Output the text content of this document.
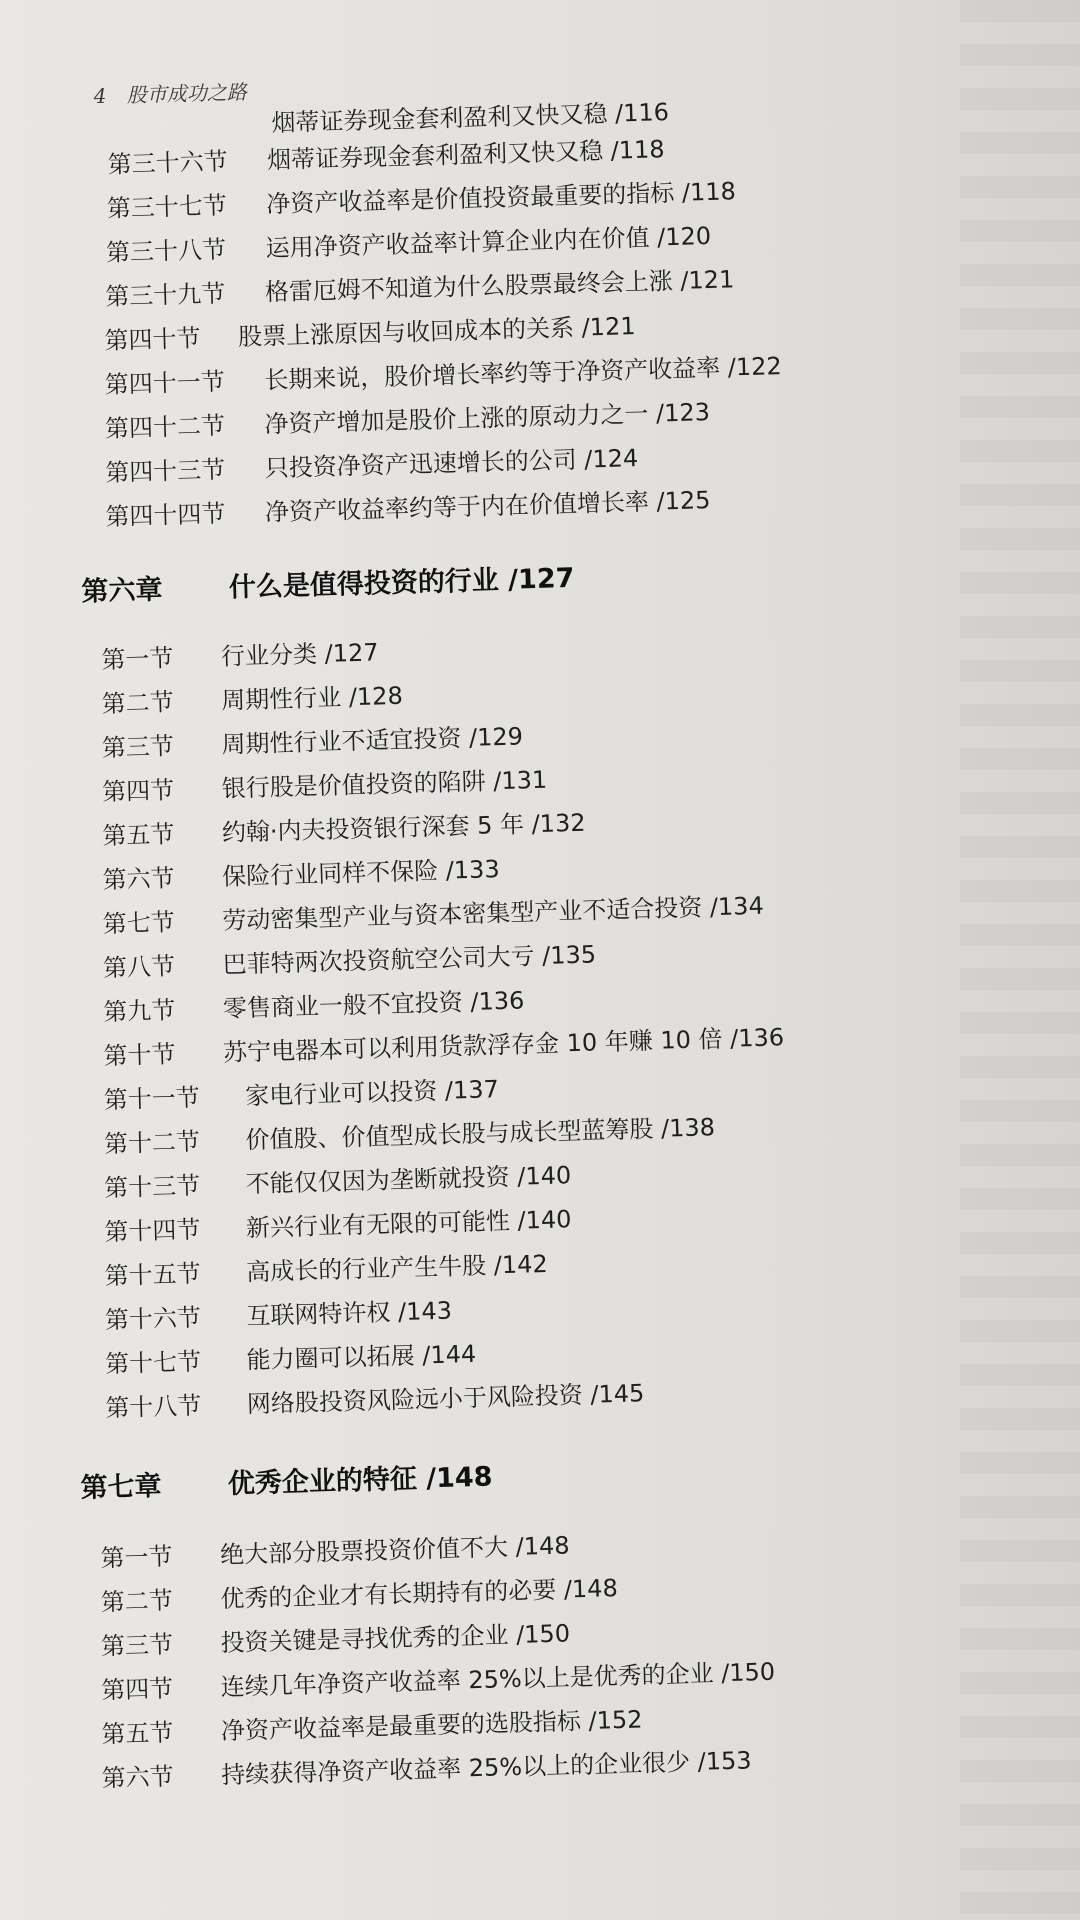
4 股市成功之路
烟蒂证券现金套利盈利又快又稳 /116
第三十六节 烟蒂证券现金套利盈利又快又稳 /118
第三十七节 净资产收益率是价值投资最重要的指标 /118
第三十八节 运用净资产收益率计算企业内在价值 /120
第三十九节 格雷厄姆不知道为什么股票最终会上涨 /121
第四十节 股票上涨原因与收回成本的关系 /121
第四十一节 长期来说，股价增长率约等于净资产收益率 /122
第四十二节 净资产增加是股价上涨的原动力之一 /123
第四十三节 只投资净资产迅速增长的公司 /124
第四十四节 净资产收益率约等于内在价值增长率 /125
第六章 什么是值得投资的行业 /127
第一节 行业分类 /127
第二节 周期性行业 /128
第三节 周期性行业不适宜投资 /129
第四节 银行股是价值投资的陷阱 /131
第五节 约翰·内夫投资银行深套 5 年 /132
第六节 保险行业同样不保险 /133
第七节 劳动密集型产业与资本密集型产业不适合投资 /134
第八节 巴菲特两次投资航空公司大亏 /135
第九节 零售商业一般不宜投资 /136
第十节 苏宁电器本可以利用货款浮存金 10 年赚 10 倍 /136
第十一节 家电行业可以投资 /137
第十二节 价值股、价值型成长股与成长型蓝筹股 /138
第十三节 不能仅仅因为垄断就投资 /140
第十四节 新兴行业有无限的可能性 /140
第十五节 高成长的行业产生牛股 /142
第十六节 互联网特许权 /143
第十七节 能力圈可以拓展 /144
第十八节 网络股投资风险远小于风险投资 /145
第七章 优秀企业的特征 /148
第一节 绝大部分股票投资价值不大 /148
第二节 优秀的企业才有长期持有的必要 /148
第三节 投资关键是寻找优秀的企业 /150
第四节 连续几年净资产收益率 25%以上是优秀的企业 /150
第五节 净资产收益率是最重要的选股指标 /152
第六节 持续获得净资产收益率 25%以上的企业很少 /153
